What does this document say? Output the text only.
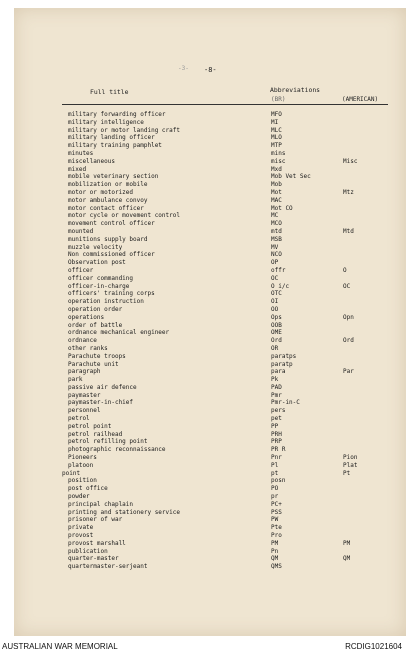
-3- -8-
Full title	Abbreviations
(BR)	(AMERICAN)
military forwarding officer	MFO
military intelligence	MI
military or motor landing craft	MLC
military landing officer	MLO
military training pamphlet	MTP
minutes	mins
miscellaneous	misc	Misc
mixed	Mxd
mobile veterinary section	Mob Vet Sec
mobilization or mobile	Mob
motor or motorized	Mot	Mtz
motor ambulance convoy	MAC
motor contact officer	Mot CO
motor cycle or movement control	MC
movement control officer	MCO
mounted	mtd	Mtd
munitions supply board	MSB
muzzle velocity	MV
Non commissioned officer	NCO
Observation post	OP
officer	offr	O
officer commanding	OC
officer-in-charge	O i/c	OC
officers' training corps	OTC
operation instruction	OI
operation order	OO
operations	Ops	Opn
order of battle	OOB
ordnance mechanical engineer	OME
ordnance	Ord	Ord
other ranks	OR
Parachute troops	paratps
Parachute unit	paratp
paragraph	para	Par
park	Pk
passive air defence	PAD
paymaster	Pmr
paymaster-in-chief	Pmr-in-C
personnel	pers
petrol	pet
petrol point	PP
petrol railhead	PRH
petrol refilling point	PRP
photographic reconnaissance	PR R
Pioneers	Pnr	Pion
platoon	Pl	Plat
point	pt	Pt
position	posn
post office	PO
powder	pr
principal chaplain	PC+
printing and stationery service	PSS
prisoner of war	PW
private	Pte
provost	Pro
provost marshall	PM	PM
publication	Pn
quarter-master	QM	QM
quartermaster-serjeant	QMS
AUSTRALIAN WAR MEMORIAL	RCDIG1021604
